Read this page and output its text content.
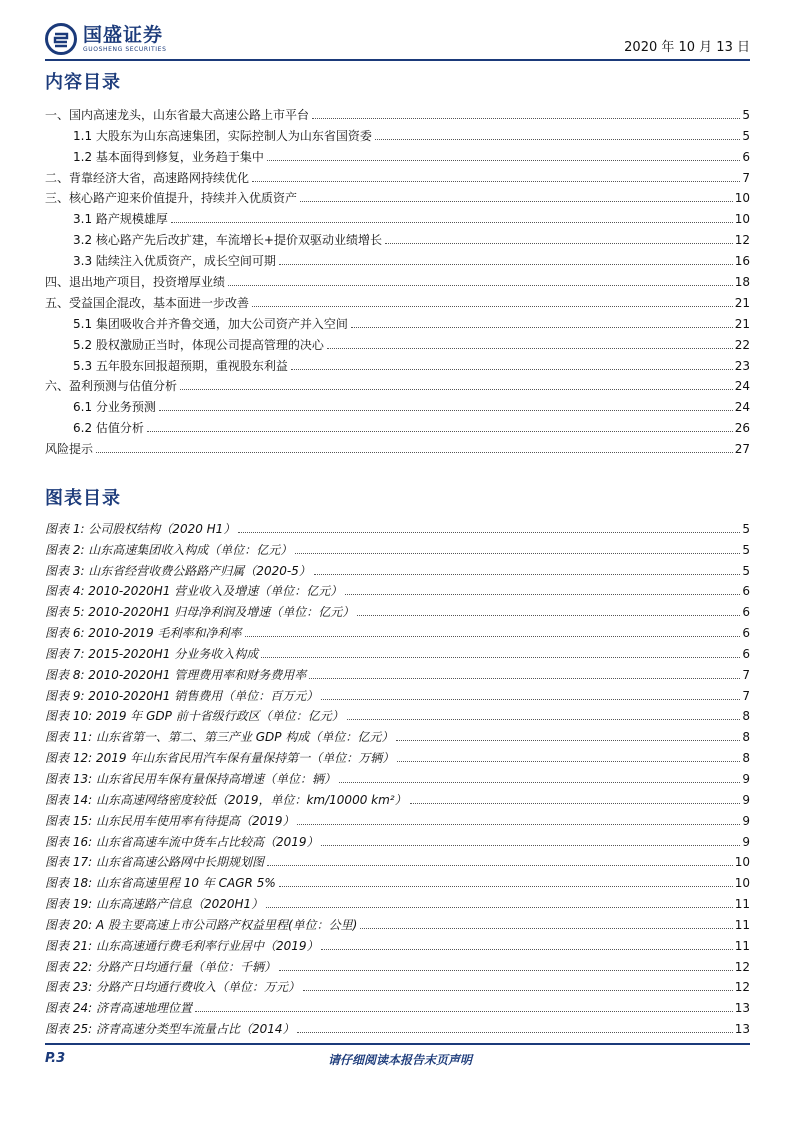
国盛证券
GUOSHENG SECURITIES	2020 年 10 月 13 日
内容目录
一、国内高速龙头，山东省最大高速公路上市平台	5
1.1 大股东为山东高速集团，实际控制人为山东省国资委	5
1.2 基本面得到修复，业务趋于集中	6
二、背靠经济大省，高速路网持续优化	7
三、核心路产迎来价值提升，持续并入优质资产	10
3.1 路产规模雄厚	10
3.2 核心路产先后改扩建，车流增长+提价双驱动业绩增长	12
3.3 陆续注入优质资产，成长空间可期	16
四、退出地产项目，投资增厚业绩	18
五、受益国企混改，基本面进一步改善	21
5.1 集团吸收合并齐鲁交通，加大公司资产并入空间	21
5.2 股权激励正当时，体现公司提高管理的决心	22
5.3 五年股东回报超预期，重视股东利益	23
六、盈利预测与估值分析	24
6.1 分业务预测	24
6.2 估值分析	26
风险提示	27
图表目录
图表 1: 公司股权结构（2020 H1）	5
图表 2: 山东高速集团收入构成（单位：亿元）	5
图表 3: 山东省经营收费公路路产归属（2020-5）	5
图表 4: 2010-2020H1 营业收入及增速（单位：亿元）	6
图表 5: 2010-2020H1 归母净利润及增速（单位：亿元）	6
图表 6: 2010-2019 毛利率和净利率	6
图表 7: 2015-2020H1 分业务收入构成	6
图表 8: 2010-2020H1 管理费用率和财务费用率	7
图表 9: 2010-2020H1 销售费用（单位：百万元）	7
图表 10: 2019 年 GDP 前十省级行政区（单位：亿元）	8
图表 11: 山东省第一、第二、第三产业 GDP 构成（单位：亿元）	8
图表 12: 2019 年山东省民用汽车保有量保持第一（单位：万辆）	8
图表 13: 山东省民用车保有量保持高增速（单位：辆）	9
图表 14: 山东高速网络密度较低（2019，单位：km/10000 km²）	9
图表 15: 山东民用车使用率有待提高（2019）	9
图表 16: 山东省高速车流中货车占比较高（2019）	9
图表 17: 山东省高速公路网中长期规划图	10
图表 18: 山东省高速里程 10 年 CAGR 5%	10
图表 19: 山东高速路产信息（2020H1）	11
图表 20: A 股主要高速上市公司路产权益里程(单位：公里)	11
图表 21: 山东高速通行费毛利率行业居中（2019）	11
图表 22: 分路产日均通行量（单位：千辆）	12
图表 23: 分路产日均通行费收入（单位：万元）	12
图表 24: 济青高速地理位置	13
图表 25: 济青高速分类型车流量占比（2014）	13
P.3	请仔细阅读本报告末页声明
